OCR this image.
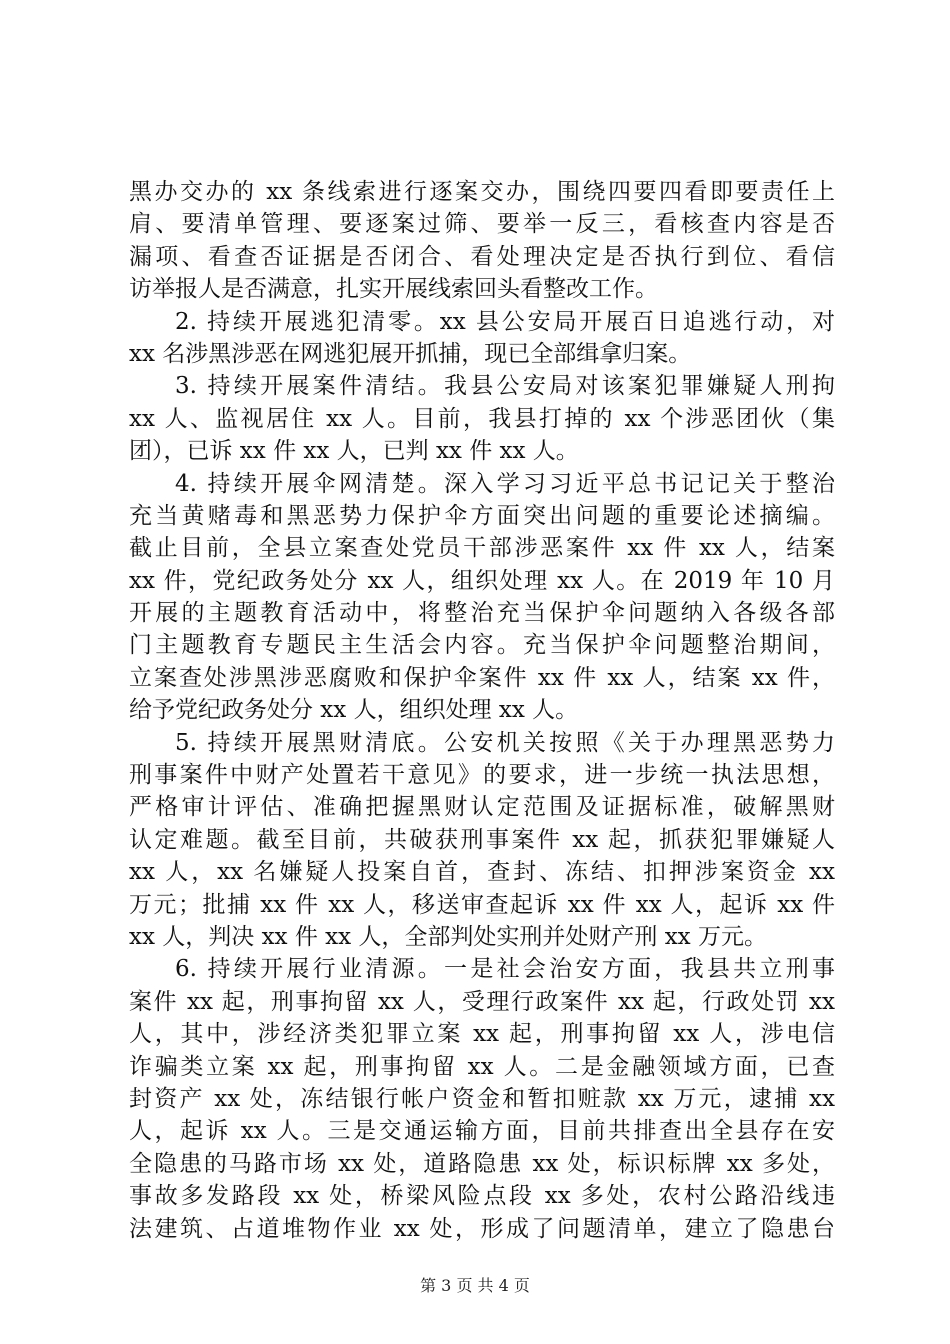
黑办交办的 xx 条线索进行逐案交办，围绕四要四看即要责任上
肩、要清单管理、要逐案过筛、要举一反三，看核查内容是否
漏项、看查否证据是否闭合、看处理决定是否执行到位、看信
访举报人是否满意，扎实开展线索回头看整改工作。
2. 持续开展逃犯清零。xx 县公安局开展百日追逃行动，对
xx 名涉黑涉恶在网逃犯展开抓捕，现已全部缉拿归案。
3. 持续开展案件清结。我县公安局对该案犯罪嫌疑人刑拘
xx 人、监视居住 xx 人。目前，我县打掉的 xx 个涉恶团伙（集
团），已诉 xx 件 xx 人，已判 xx 件 xx 人。
4. 持续开展伞网清楚。深入学习习近平总书记记关于整治
充当黄赌毒和黑恶势力保护伞方面突出问题的重要论述摘编。
截止目前，全县立案查处党员干部涉恶案件 xx 件 xx 人，结案
xx 件，党纪政务处分 xx 人，组织处理 xx 人。在 2019 年 10 月
开展的主题教育活动中，将整治充当保护伞问题纳入各级各部
门主题教育专题民主生活会内容。充当保护伞问题整治期间，
立案查处涉黑涉恶腐败和保护伞案件 xx 件 xx 人，结案 xx 件，
给予党纪政务处分 xx 人，组织处理 xx 人。
5. 持续开展黑财清底。公安机关按照《关于办理黑恶势力
刑事案件中财产处置若干意见》的要求，进一步统一执法思想，
严格审计评估、准确把握黑财认定范围及证据标准，破解黑财
认定难题。截至目前，共破获刑事案件 xx 起，抓获犯罪嫌疑人
xx 人，xx 名嫌疑人投案自首，查封、冻结、扣押涉案资金 xx
万元；批捕 xx 件 xx 人，移送审查起诉 xx 件 xx 人，起诉 xx 件
xx 人，判决 xx 件 xx 人，全部判处实刑并处财产刑 xx 万元。
6. 持续开展行业清源。一是社会治安方面，我县共立刑事
案件 xx 起，刑事拘留 xx 人，受理行政案件 xx 起，行政处罚 xx
人，其中，涉经济类犯罪立案 xx 起，刑事拘留 xx 人，涉电信
诈骗类立案 xx 起，刑事拘留 xx 人。二是金融领域方面，已查
封资产 xx 处，冻结银行帐户资金和暂扣赃款 xx 万元，逮捕 xx
人，起诉 xx 人。三是交通运输方面，目前共排查出全县存在安
全隐患的马路市场 xx 处，道路隐患 xx 处，标识标牌 xx 多处，
事故多发路段 xx 处，桥梁风险点段 xx 多处，农村公路沿线违
法建筑、占道堆物作业 xx 处，形成了问题清单，建立了隐患台
第 3 页 共 4 页
